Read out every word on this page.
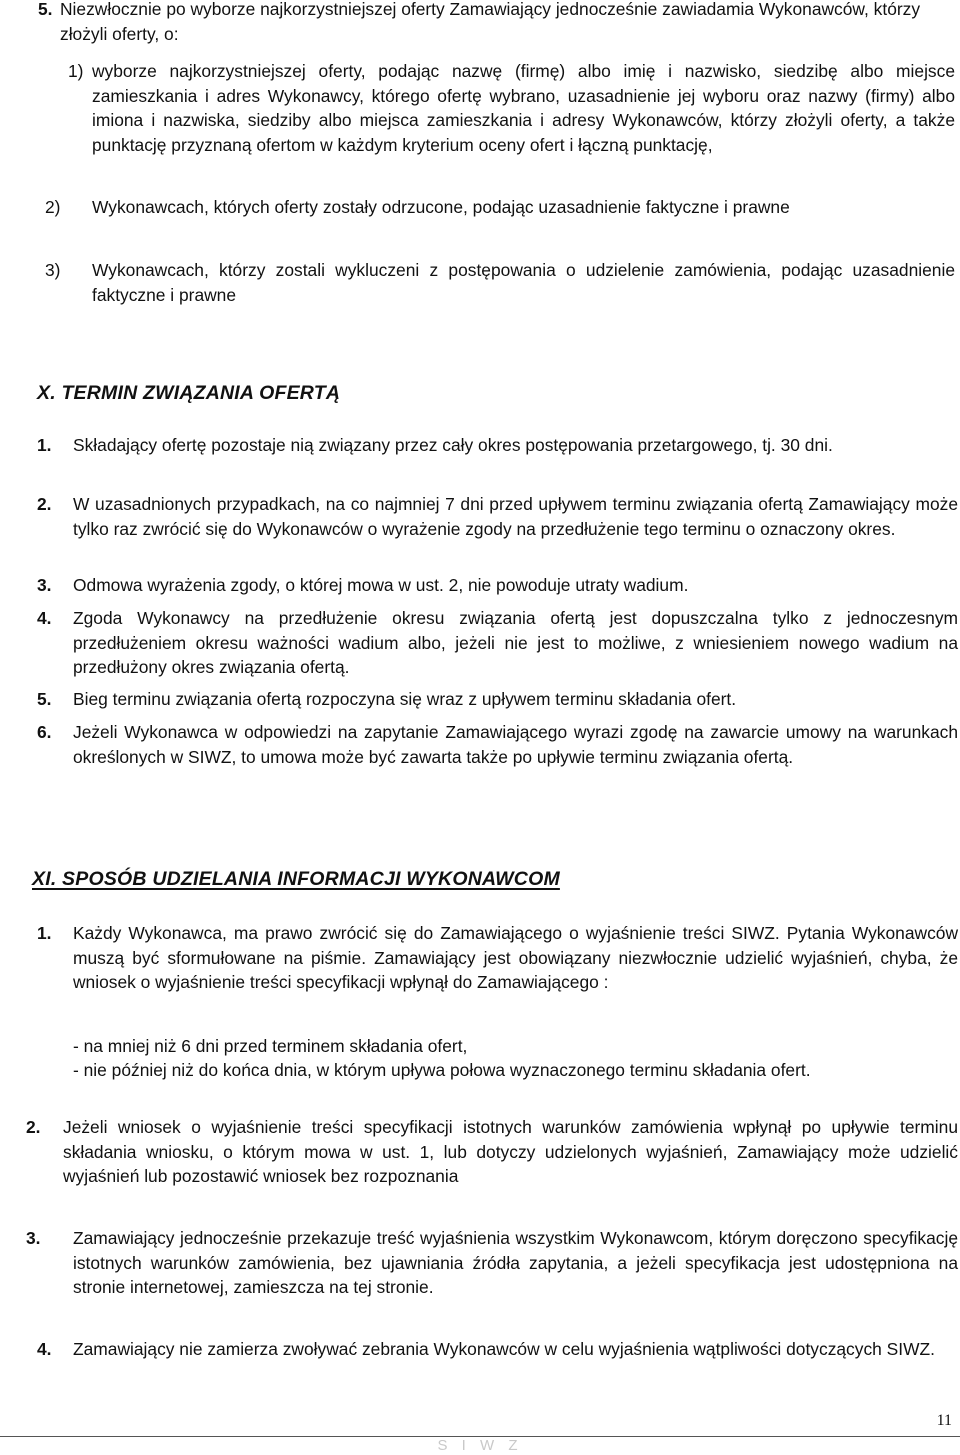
5. Niezwłocznie po wyborze najkorzystniejszej oferty Zamawiający jednocześnie zawiadamia Wykonawców, którzy złożyli oferty, o:

1) wyborze najkorzystniejszej oferty, podając nazwę (firmę) albo imię i nazwisko, siedzibę albo miejsce zamieszkania i adres Wykonawcy, którego ofertę wybrano, uzasadnienie jej wyboru oraz nazwy (firmy) albo imiona i nazwiska, siedziby albo miejsca zamieszkania i adresy Wykonawców, którzy złożyli oferty, a także punktację przyznaną ofertom w każdym kryterium oceny ofert i łączną punktację,

2) Wykonawcach, których oferty zostały odrzucone, podając uzasadnienie faktyczne i prawne

3) Wykonawcach, którzy zostali wykluczeni z postępowania o udzielenie zamówienia, podając uzasadnienie faktyczne i prawne

X. TERMIN ZWIĄZANIA OFERTĄ
1. Składający ofertę pozostaje nią związany przez cały okres postępowania przetargowego, tj. 30 dni.

2. W uzasadnionych przypadkach, na co najmniej 7 dni przed upływem terminu związania ofertą Zamawiający może tylko raz zwrócić się do Wykonawców o wyrażenie zgody na przedłużenie tego terminu o oznaczony okres.

3. Odmowa wyrażenia zgody, o której mowa w ust. 2, nie powoduje utraty wadium.

4. Zgoda Wykonawcy na przedłużenie okresu związania ofertą jest dopuszczalna tylko z jednoczesnym przedłużeniem okresu ważności wadium albo, jeżeli nie jest to możliwe, z wniesieniem nowego wadium na przedłużony okres związania ofertą.

5. Bieg terminu związania ofertą rozpoczyna się wraz z upływem terminu składania ofert.

6. Jeżeli Wykonawca w odpowiedzi na zapytanie Zamawiającego wyrazi zgodę na zawarcie umowy na warunkach określonych w SIWZ, to umowa może być zawarta także po upływie terminu związania ofertą.

XI. SPOSÓB UDZIELANIA INFORMACJI WYKONAWCOM
1. Każdy Wykonawca, ma prawo zwrócić się do Zamawiającego o wyjaśnienie treści SIWZ. Pytania Wykonawców muszą być sformułowane na piśmie. Zamawiający jest obowiązany niezwłocznie udzielić wyjaśnień, chyba, że wniosek o wyjaśnienie treści specyfikacji wpłynął do Zamawiającego :

- na mniej niż 6 dni przed terminem składania ofert,

- nie później niż do końca dnia, w którym upływa połowa wyznaczonego terminu składania ofert.

2. Jeżeli wniosek o wyjaśnienie treści specyfikacji istotnych warunków zamówienia wpłynął po upływie terminu składania wniosku, o którym mowa w ust. 1, lub dotyczy udzielonych wyjaśnień, Zamawiający może udzielić wyjaśnień lub pozostawić wniosek bez rozpoznania

3. Zamawiający jednocześnie przekazuje treść wyjaśnienia wszystkim Wykonawcom, którym doręczono specyfikację istotnych warunków zamówienia, bez ujawniania źródła zapytania, a jeżeli specyfikacja jest udostępniona na stronie internetowej, zamieszcza na tej stronie.

4. Zamawiający nie zamierza zwoływać zebrania Wykonawców w celu wyjaśnienia wątpliwości dotyczących SIWZ.

11
S I W Z
